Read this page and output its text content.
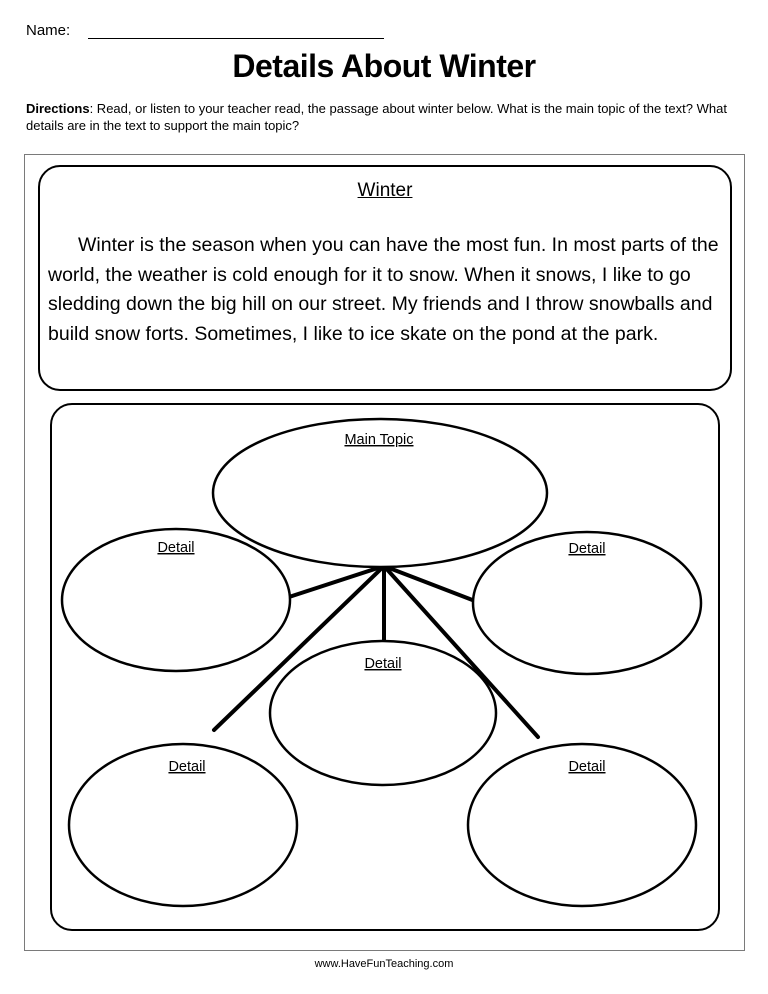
Name:
Details About Winter
Directions: Read, or listen to your teacher read, the passage about winter below. What is the main topic of the text? What details are in the text to support the main topic?
Winter

Winter is the season when you can have the most fun. In most parts of the world, the weather is cold enough for it to snow. When it snows, I like to go sledding down the big hill on our street. My friends and I throw snowballs and build snow forts. Sometimes, I like to ice skate on the pond at the park.

Main Topic
Detail	Detail
Detail
Detail	Detail
www.HaveFunTeaching.com
